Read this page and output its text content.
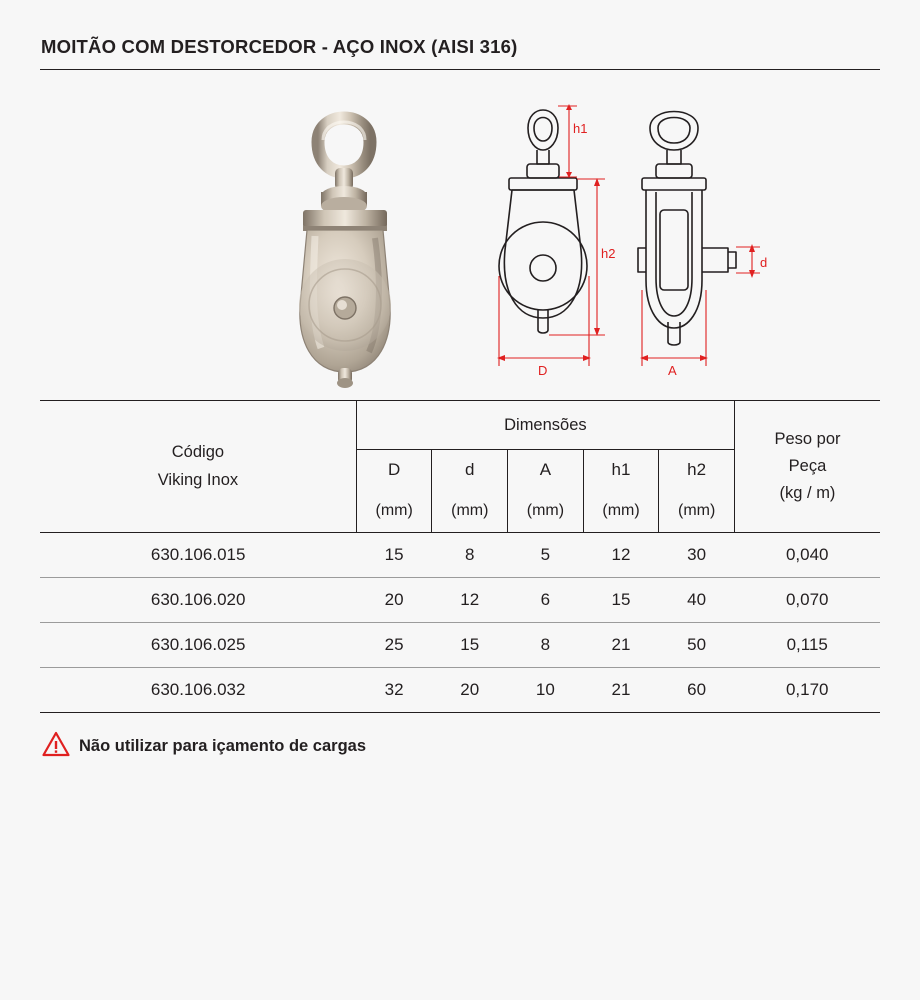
MOITÃO COM DESTORCEDOR - AÇO INOX (AISI 316)
h1
h2
D
d
A
Código
Viking Inox
	Dimensões	
Peso por
Peça
(kg / m)

	D	d	A	h1	h2	
	(mm)	(mm)	(mm)	(mm)	(mm)	
630.106.015	15	8	5	12	30	0,040
630.106.020	20	12	6	15	40	0,070
630.106.025	25	15	8	21	50	0,115
630.106.032	32	20	10	21	60	0,170
Não utilizar para içamento de cargas
